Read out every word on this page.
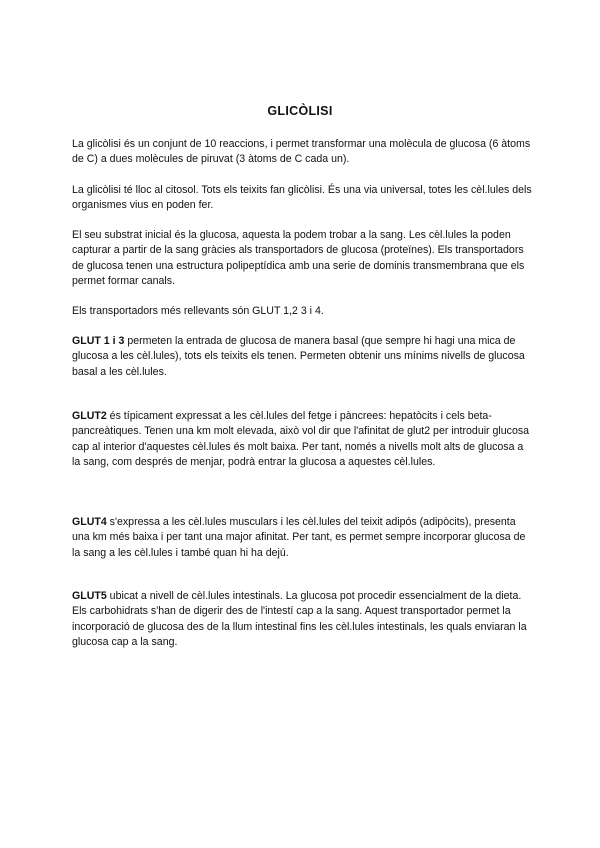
GLICÒLISI

La glicòlisi és un conjunt de 10 reaccions, i permet transformar una molècula de glucosa (6 àtoms de C) a dues molècules de piruvat (3 àtoms de C cada un).

La glicòlisi té lloc al citosol. Tots els teixits fan glicòlisi. És una via universal, totes les cèl.lules dels organismes vius en poden fer.

El seu substrat inicial és la glucosa, aquesta la podem trobar a la sang. Les cèl.lules la poden capturar a partir de la sang gràcies als transportadors de glucosa (proteïnes). Els transportadors de glucosa tenen una estructura polipeptídica amb una serie de dominis transmembrana que els permet formar canals.

Els transportadors més rellevants són GLUT 1,2 3 i 4.

GLUT 1 i 3 permeten la entrada de glucosa de manera basal (que sempre hi hagi una mica de glucosa a les cèl.lules), tots els teixits els tenen. Permeten obtenir uns mínims nivells de glucosa basal a les cèl.lules.

GLUT2 és típicament expressat a les cèl.lules del fetge i pàncrees: hepatòcits i cels beta-pancreàtiques. Tenen una km molt elevada, això vol dir que l'afinitat de glut2 per introduir glucosa cap al interior d'aquestes cèl.lules és molt baixa. Per tant, només a nivells molt alts de glucosa a la sang, com després de menjar, podrà entrar la glucosa a aquestes cèl.lules.

GLUT4 s'expressa a les cèl.lules musculars i les cèl.lules del teixit adipós (adipòcits), presenta una km més baixa i per tant una major afinitat. Per tant, es permet sempre incorporar glucosa de la sang a les cèl.lules i també quan hi ha dejú.

GLUT5 ubicat a nivell de cèl.lules intestinals. La glucosa pot procedir essencialment de la dieta. Els carbohidrats s'han de digerir des de l'intestí cap a la sang. Aquest transportador permet la incorporació de glucosa des de la llum intestinal fins les cèl.lules intestinals, les quals enviaran la glucosa cap a la sang.
